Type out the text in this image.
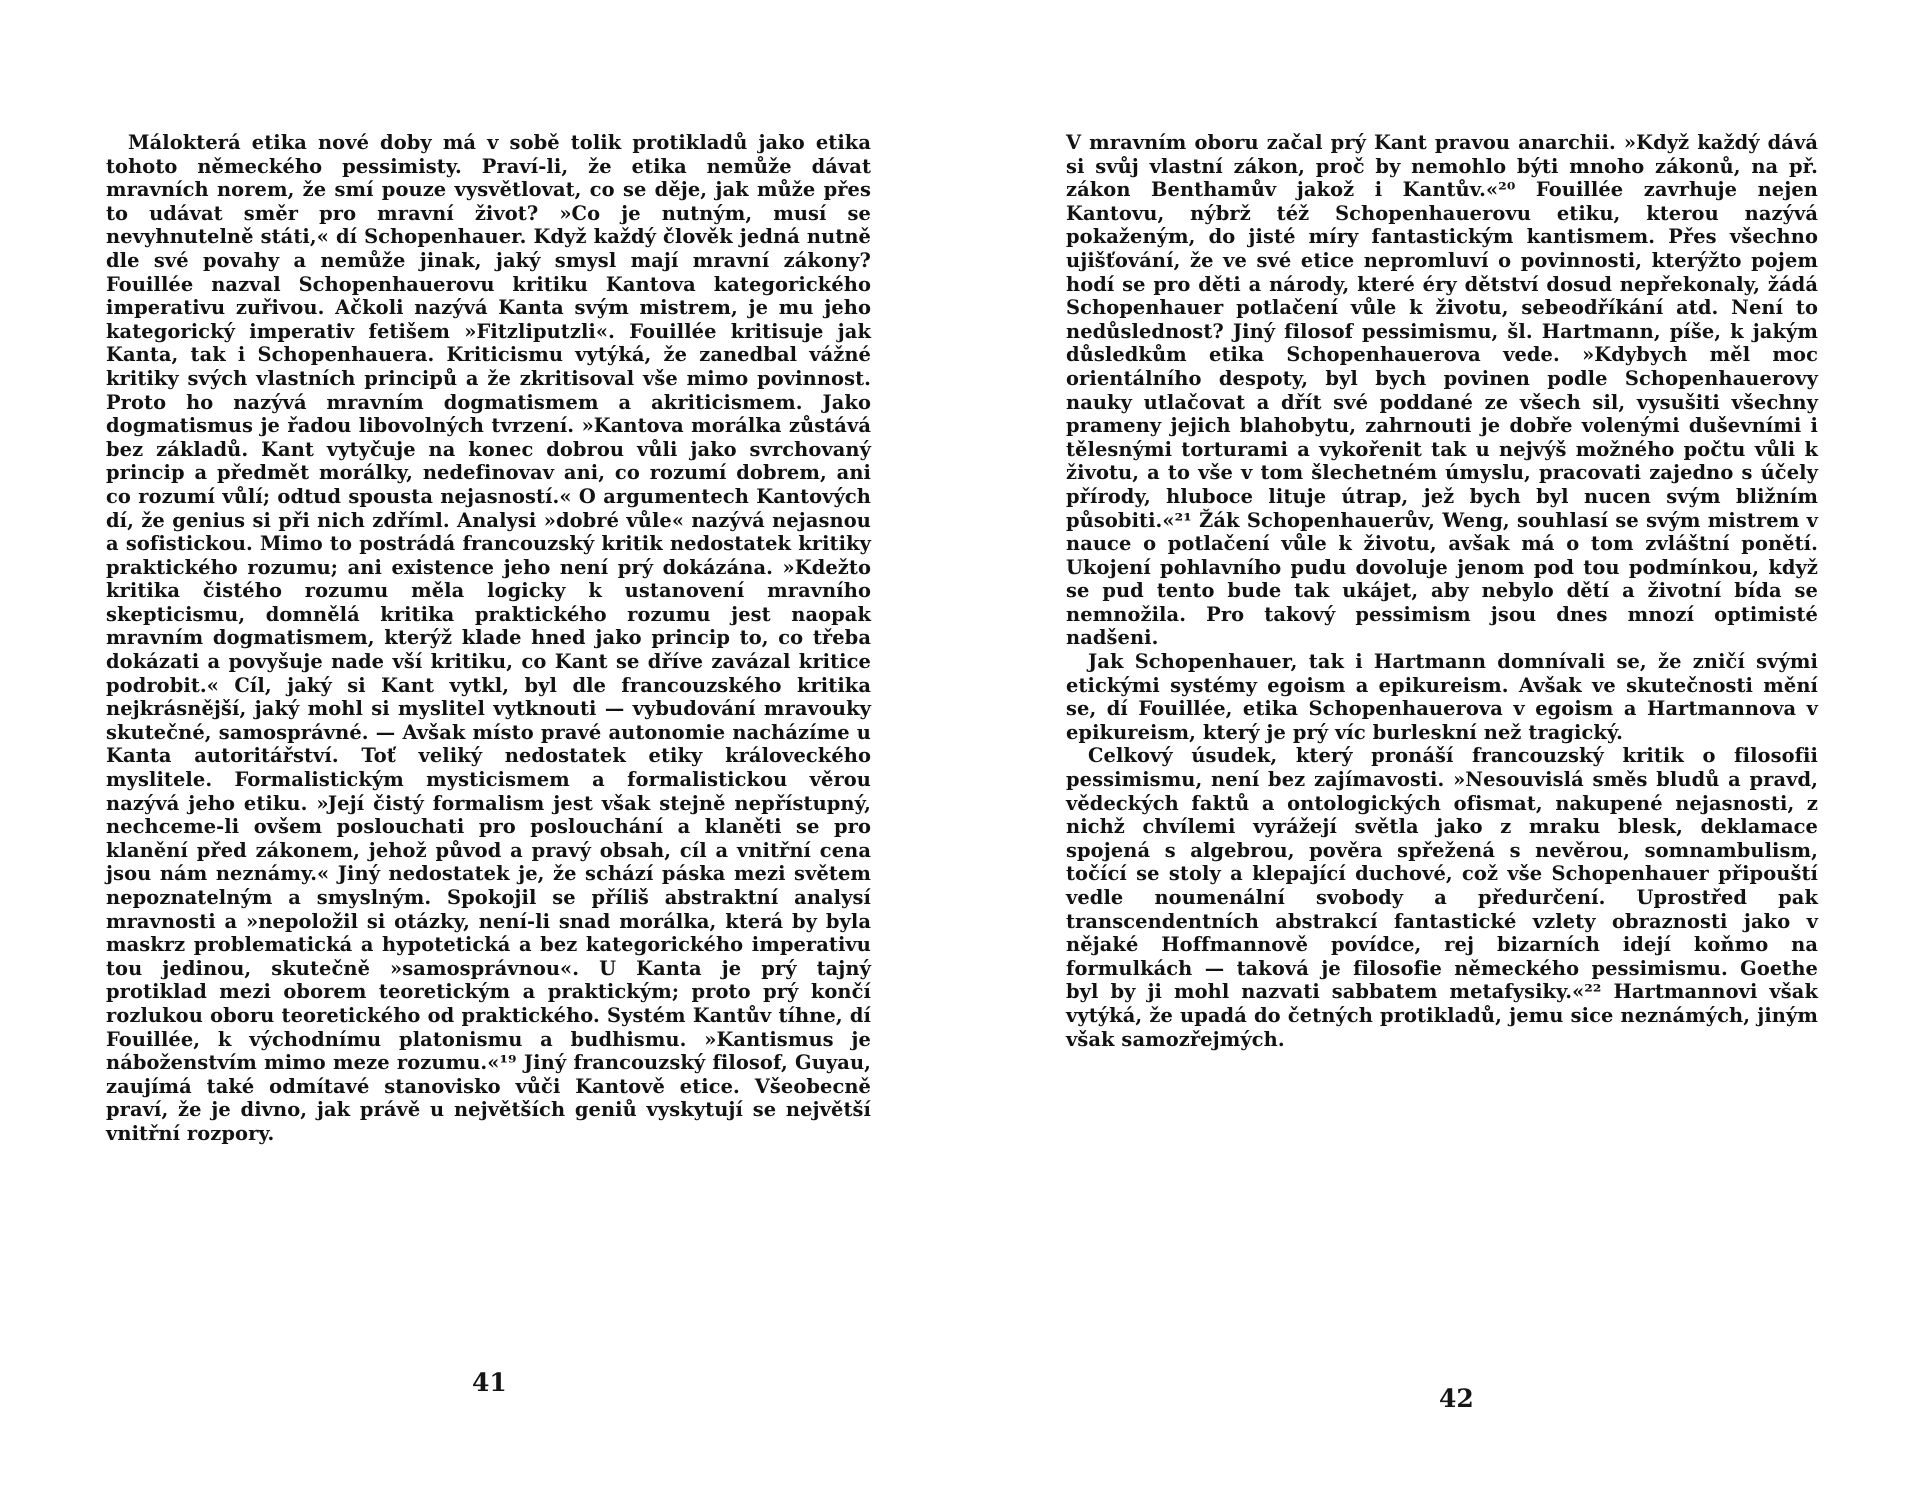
Málokterá etika nové doby má v sobě tolik protikladů jako etika tohoto německého pessimisty. Praví-li, že etika nemůže dávat mravních norem, že smí pouze vysvětlovat, co se děje, jak může přes to udávat směr pro mravní život? »Co je nutným, musí se nevyhnutelně státi,« dí Schopenhauer. Když každý člověk jedná nutně dle své povahy a nemůže jinak, jaký smysl mají mravní zákony? Fouillée nazval Schopenhauerovu kritiku Kantova kategorického imperativu zuřivou. Ačkoli nazývá Kanta svým mistrem, je mu jeho kategorický imperativ fetišem »Fitzliputzli«. Fouillée kritisuje jak Kanta, tak i Schopenhauera. Kriticismu vytýká, že zanedbal vážné kritiky svých vlastních principů a že zkritisoval vše mimo povinnost. Proto ho nazývá mravním dogmatismem a akriticismem. Jako dogmatismus je řadou libovolných tvrzení. »Kantova morálka zůstává bez základů. Kant vytyčuje na konec dobrou vůli jako svrchovaný princip a předmět morálky, nedefinovav ani, co rozumí dobrem, ani co rozumí vůlí; odtud spousta nejasností.« O argumentech Kantových dí, že genius si při nich zdříml. Analysi »dobré vůle« nazývá nejasnou a sofistickou. Mimo to postrádá francouzský kritik nedostatek kritiky praktického rozumu; ani existence jeho není prý dokázána. »Kdežto kritika čistého rozumu měla logicky k ustanovení mravního skepticismu, domnělá kritika praktického rozumu jest naopak mravním dogmatismem, kterýž klade hned jako princip to, co třeba dokázati a povyšuje nade vší kritiku, co Kant se dříve zavázal kritice podrobit.« Cíl, jaký si Kant vytkl, byl dle francouzského kritika nejkrásnější, jaký mohl si myslitel vytknouti — vybudování mravouky skutečné, samosprávné. — Avšak místo pravé autonomie nacházíme u Kanta autoritářství. Toť veliký nedostatek etiky královeckého myslitele. Formalistickým mysticismem a formalistickou věrou nazývá jeho etiku. »Její čistý formalism jest však stejně nepřístupný, nechceme-li ovšem poslouchati pro poslouchání a klaněti se pro klanění před zákonem, jehož původ a pravý obsah, cíl a vnitřní cena jsou nám neznámy.« Jiný nedostatek je, že schází páska mezi světem nepoznatelným a smyslným. Spokojil se příliš abstraktní analysí mravnosti a »nepoložil si otázky, není-li snad morálka, která by byla maskrz problematická a hypotetická a bez kategorického imperativu tou jedinou, skutečně »samosprávnou«. U Kanta je prý tajný protiklad mezi oborem teoretickým a praktickým; proto prý končí rozlukou oboru teoretického od praktického. Systém Kantův tíhne, dí Fouillée, k východnímu platonismu a budhismu. »Kantismus je náboženstvím mimo meze rozumu.«¹⁹ Jiný francouzský filosof, Guyau, zaujímá také odmítavé stanovisko vůči Kantově etice. Všeobecně praví, že je divno, jak právě u největších geniů vyskytují se největší vnitřní rozpory.

41

V mravním oboru začal prý Kant pravou anarchii. »Když každý dává si svůj vlastní zákon, proč by nemohlo býti mnoho zákonů, na př. zákon Benthamův jakož i Kantův.«²⁰ Fouillée zavrhuje nejen Kantovu, nýbrž též Schopenhauerovu etiku, kterou nazývá pokaženým, do jisté míry fantastickým kantismem. Přes všechno ujišťování, že ve své etice nepromluví o povinnosti, kterýžto pojem hodí se pro děti a národy, které éry dětství dosud nepřekonaly, žádá Schopenhauer potlačení vůle k životu, sebeodříkání atd. Není to nedůslednost? Jiný filosof pessimismu, šl. Hartmann, píše, k jakým důsledkům etika Schopenhauerova vede. »Kdybych měl moc orientálního despoty, byl bych povinen podle Schopenhauerovy nauky utlačovat a dřít své poddané ze všech sil, vysušiti všechny prameny jejich blahobytu, zahrnouti je dobře volenými duševními i tělesnými torturami a vykořenit tak u nejvýš možného počtu vůli k životu, a to vše v tom šlechetném úmyslu, pracovati zajedno s účely přírody, hluboce lituje útrap, jež bych byl nucen svým bližním působiti.«²¹ Žák Schopenhauerův, Weng, souhlasí se svým mistrem v nauce o potlačení vůle k životu, avšak má o tom zvláštní ponětí. Ukojení pohlavního pudu dovoluje jenom pod tou podmínkou, když se pud tento bude tak ukájet, aby nebylo dětí a životní bída se nemnožila. Pro takový pessimism jsou dnes mnozí optimisté nadšeni.

Jak Schopenhauer, tak i Hartmann domnívali se, že zničí svými etickými systémy egoism a epikureism. Avšak ve skutečnosti mění se, dí Fouillée, etika Schopenhauerova v egoism a Hartmannova v epikureism, který je prý víc burleskní než tragický.

Celkový úsudek, který pronáší francouzský kritik o filosofii pessimismu, není bez zajímavosti. »Nesouvislá směs bludů a pravd, vědeckých faktů a ontologických ofismat, nakupené nejasnosti, z nichž chvílemi vyrážejí světla jako z mraku blesk, deklamace spojená s algebrou, pověra spřežená s nevěrou, somnambulism, točící se stoly a klepající duchové, což vše Schopenhauer připouští vedle noumenální svobody a předurčení. Uprostřed pak transcendentních abstrakcí fantastické vzlety obraznosti jako v nějaké Hoffmannově povídce, rej bizarních idejí koňmo na formulkách — taková je filosofie německého pessimismu. Goethe byl by ji mohl nazvati sabbatem metafysiky.«²² Hartmannovi však vytýká, že upadá do četných protikladů, jemu sice neznámých, jiným však samozřejmých.

42
